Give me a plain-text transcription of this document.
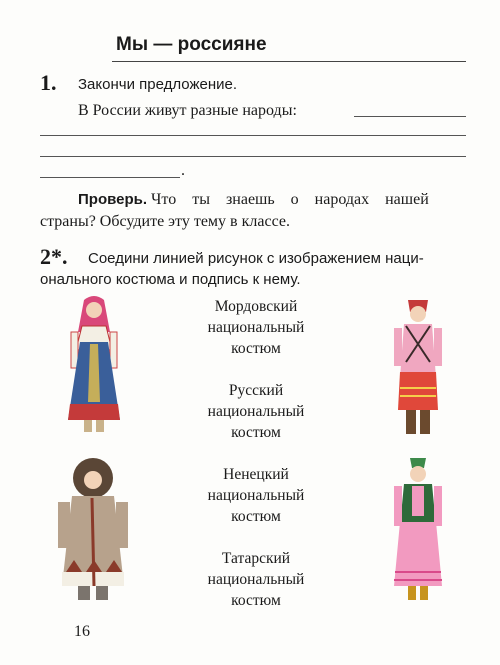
Мы — россияне
1. Закончи предложение.
В России живут разные народы:
.
Проверь. Что ты знаешь о народах нашей
страны? Обсудите эту тему в классе.
2*. Соедини линией рисунок с изображением наци-
онального костюма и подпись к нему.
Мордовский
национальный
костюм
Русский
национальный
костюм
Ненецкий
национальный
костюм
Татарский
национальный
костюм
16
